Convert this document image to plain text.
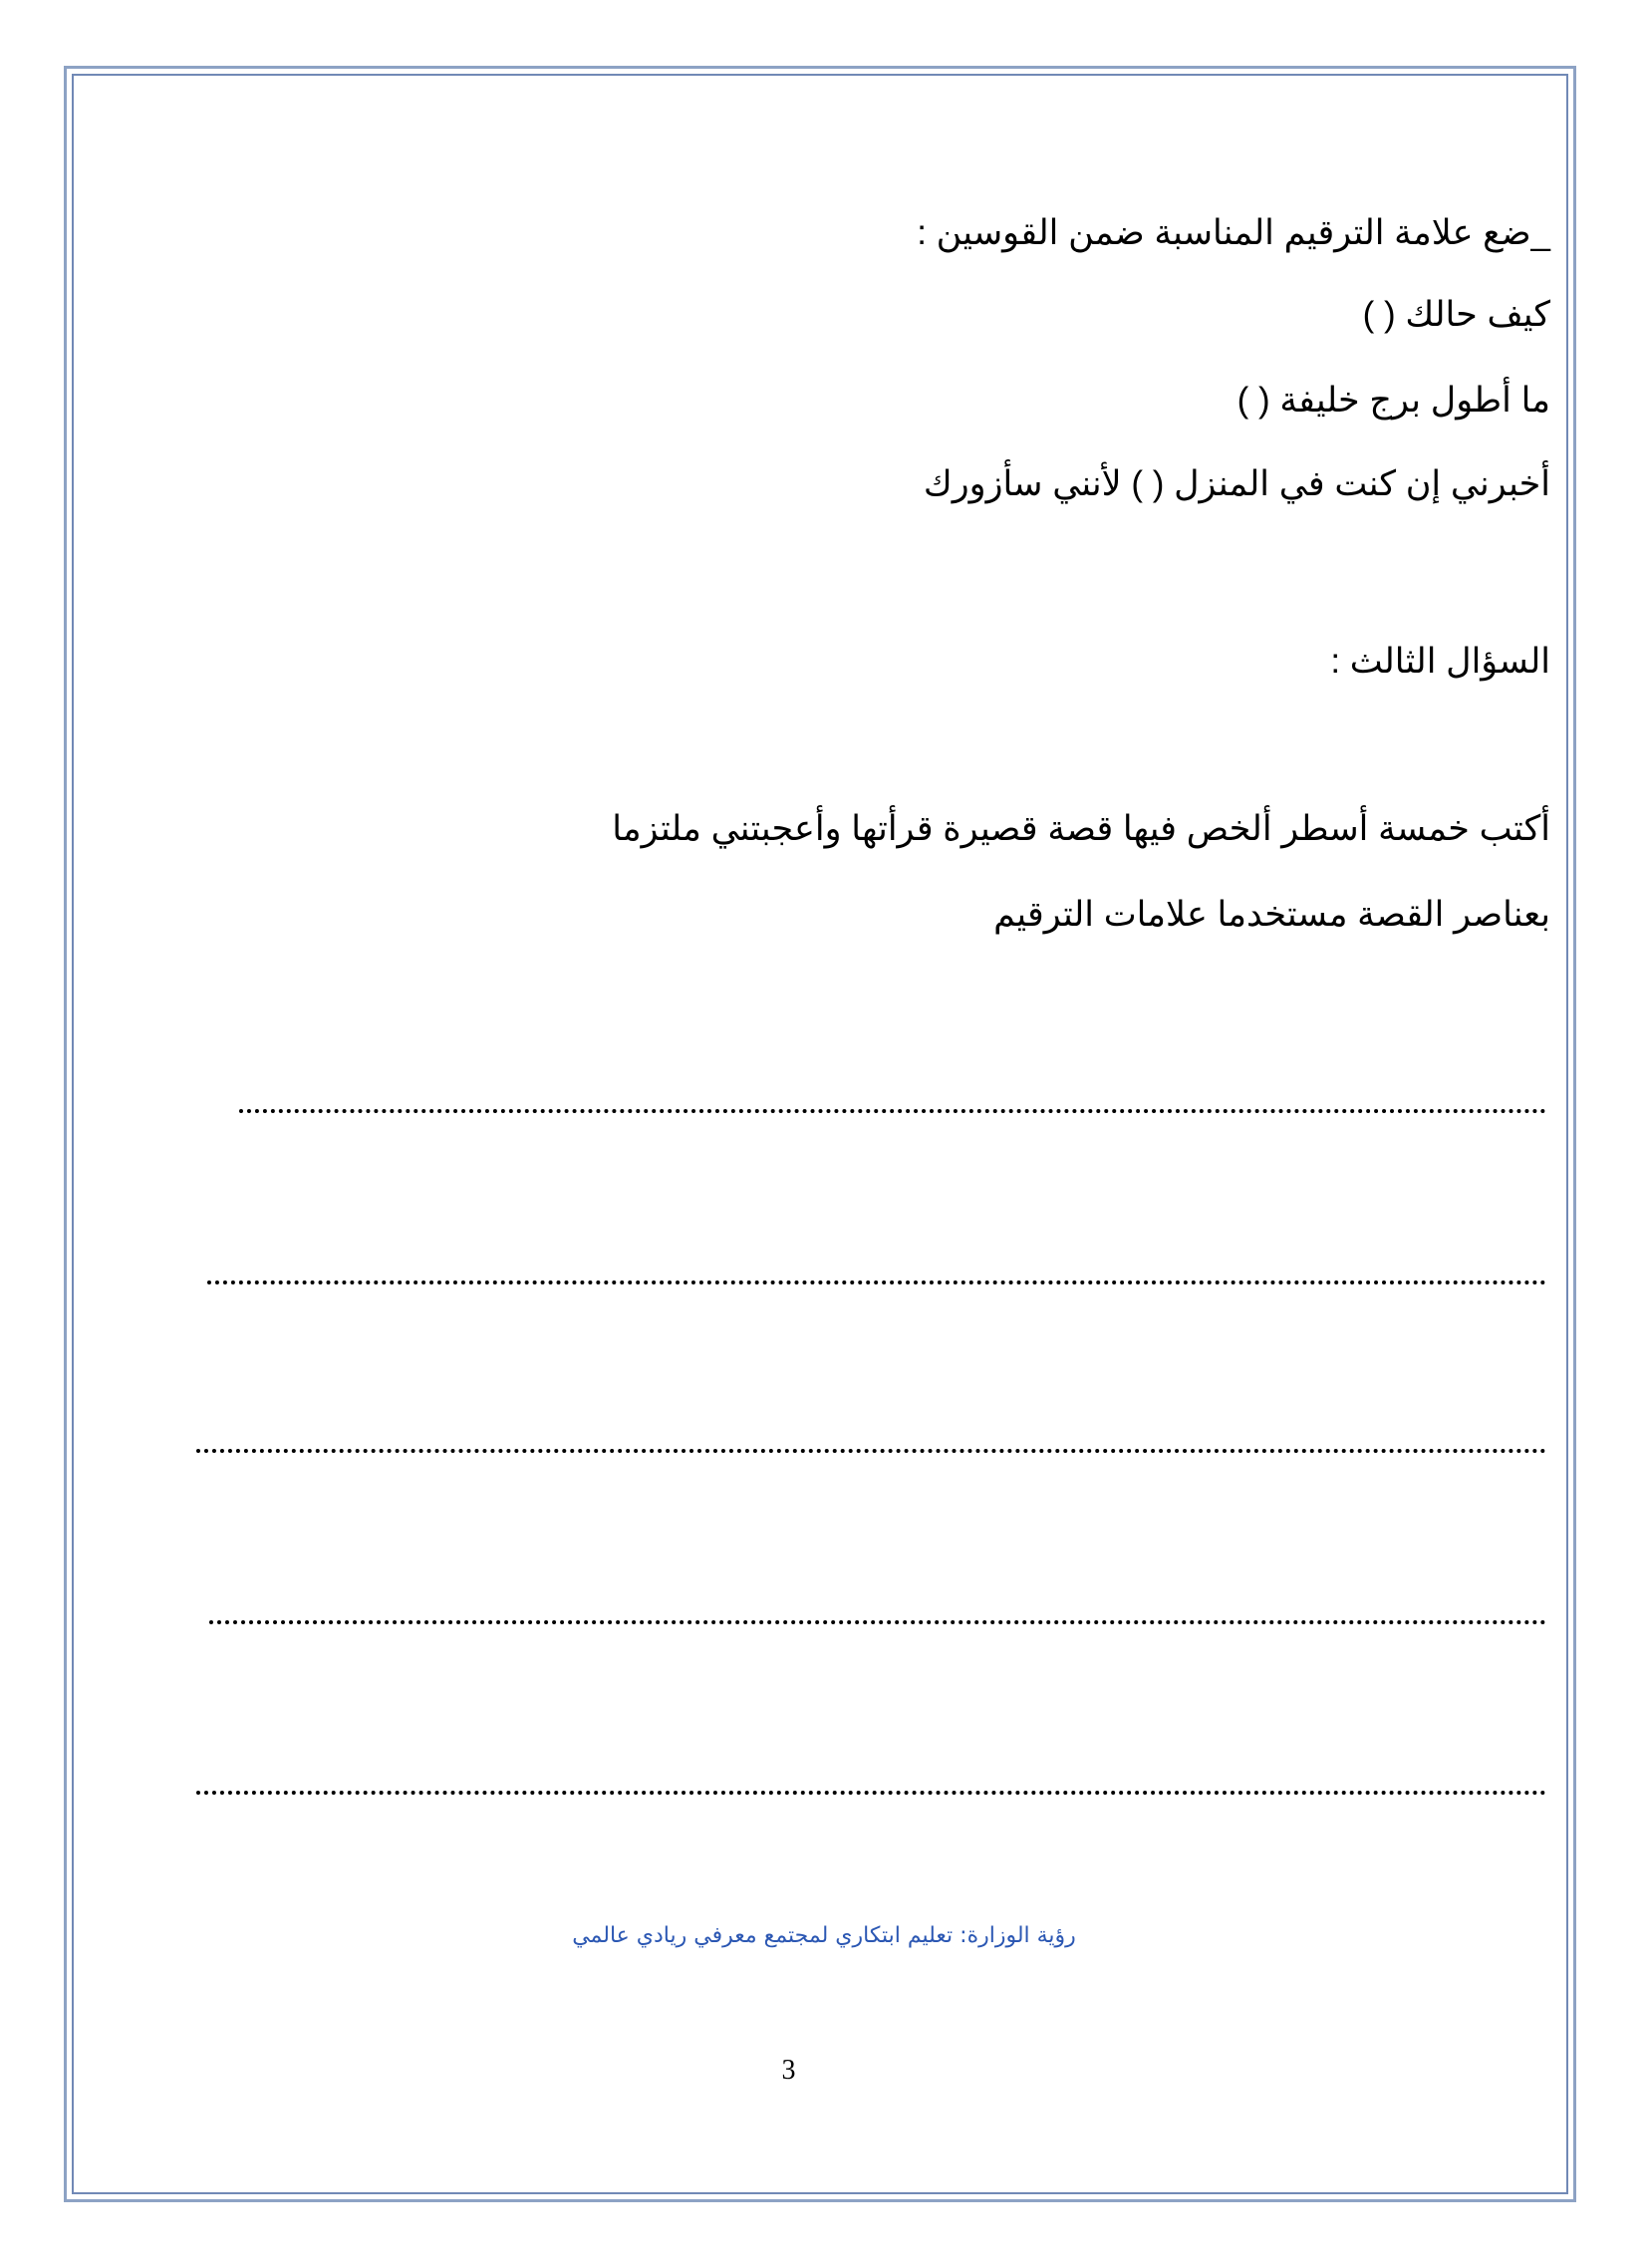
_ضع علامة الترقيم المناسبة ضمن القوسين :
كيف حالك ( )
ما أطول برج خليفة ( )
أخبرني إن كنت في المنزل ( ) لأنني سأزورك
السؤال الثالث :
أكتب خمسة أسطر ألخص فيها قصة قصيرة قرأتها وأعجبتني ملتزما
بعناصر القصة مستخدما علامات الترقيم
رؤية الوزارة: تعليم ابتكاري لمجتمع معرفي ريادي عالمي
3
